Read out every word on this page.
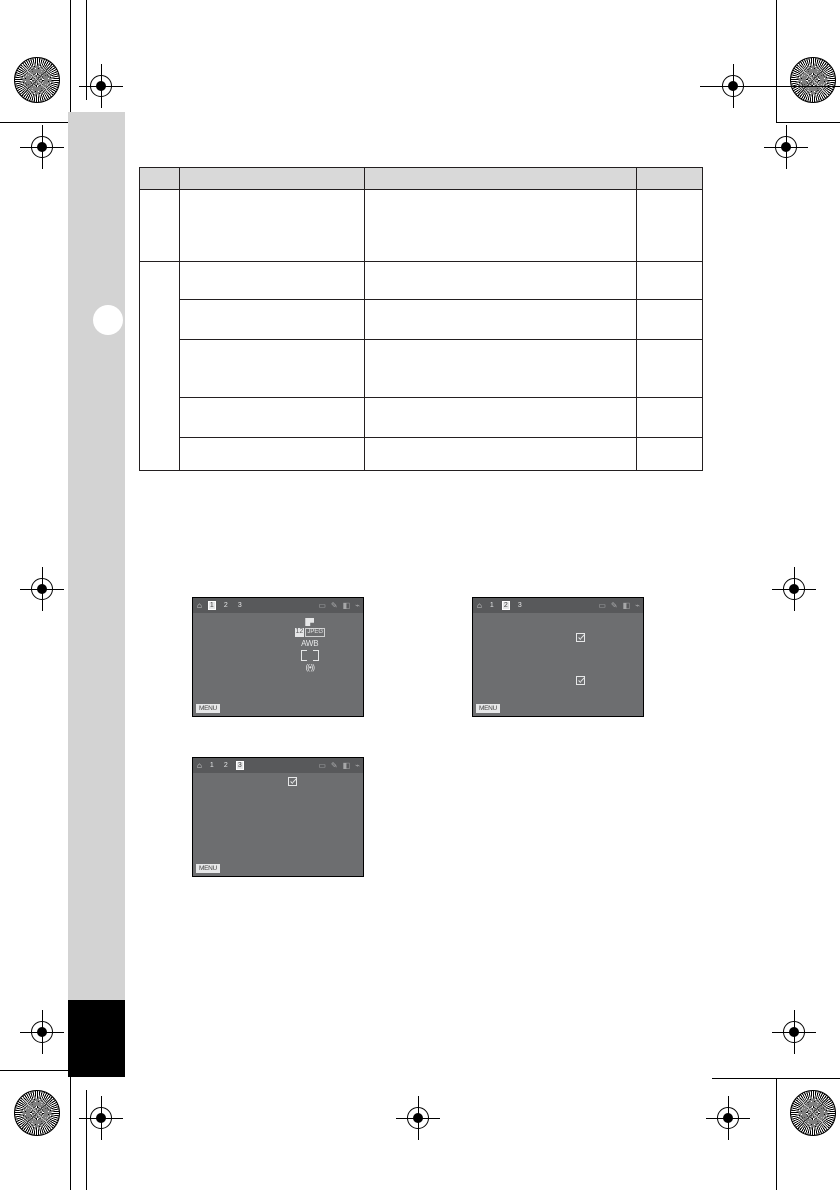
⌂ 1 2 3	▭ ✎ ◧ ⌁
12 JPEG
AWB
((•))
MENU
⌂ 1 2 3	▭ ✎ ◧ ⌁
MENU
⌂ 1 2 3	▭ ✎ ◧ ⌁
MENU
